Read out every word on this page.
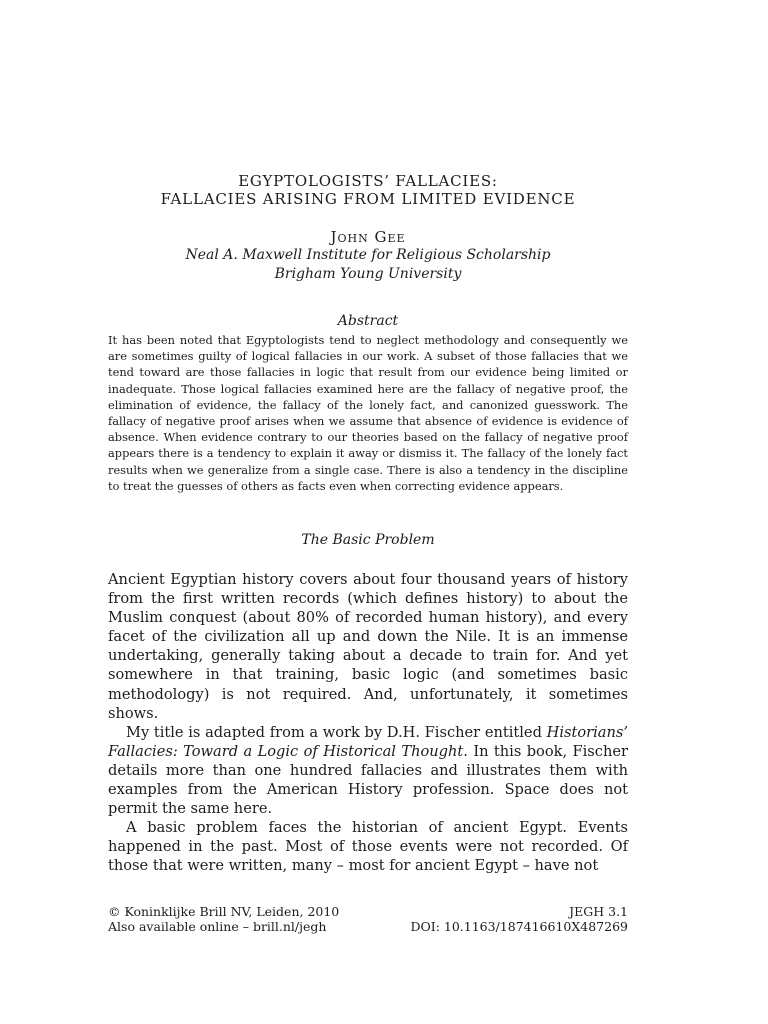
EGYPTOLOGISTS’ FALLACIES:
FALLACIES ARISING FROM LIMITED EVIDENCE
John Gee
Neal A. Maxwell Institute for Religious Scholarship
Brigham Young University
Abstract

It has been noted that Egyptologists tend to neglect methodology and consequently we are sometimes guilty of logical fallacies in our work. A subset of those fallacies that we tend toward are those fallacies in logic that result from our evidence being limited or inadequate. Those logical fallacies examined here are the fallacy of negative proof, the elimination of evidence, the fallacy of the lonely fact, and canonized guesswork. The fallacy of negative proof arises when we assume that absence of evidence is evidence of absence. When evidence contrary to our theories based on the fallacy of negative proof appears there is a tendency to explain it away or dismiss it. The fallacy of the lonely fact results when we generalize from a single case. There is also a tendency in the discipline to treat the guesses of others as facts even when correcting evidence appears.

The Basic Problem

Ancient Egyptian history covers about four thousand years of history from the first written records (which defines history) to about the Muslim conquest (about 80% of recorded human history), and every facet of the civilization all up and down the Nile. It is an immense undertaking, generally taking about a decade to train for. And yet somewhere in that training, basic logic (and sometimes basic methodology) is not required. And, unfortunately, it sometimes shows.

My title is adapted from a work by D.H. Fischer entitled Historians’ Fallacies: Toward a Logic of Historical Thought. In this book, Fischer details more than one hundred fallacies and illustrates them with examples from the American History profession. Space does not permit the same here.

A basic problem faces the historian of ancient Egypt. Events happened in the past. Most of those events were not recorded. Of those that were written, many – most for ancient Egypt – have not

© Koninklijke Brill NV, Leiden, 2010	JEGH 3.1
Also available online – brill.nl/jegh	DOI: 10.1163/187416610X487269
